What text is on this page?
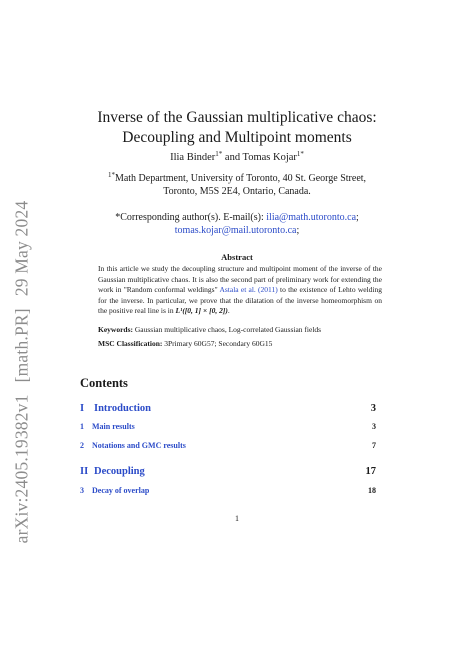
arXiv:2405.19382v1[math.PR]29 May 2024
Inverse of the Gaussian multiplicative chaos:
Decoupling and Multipoint moments
Ilia Binder$^{1*}$ and Tomas Kojar$^{1*}$
$^{1*}$Math Department, University of Toronto, 40 St. George Street,
Toronto, M5S 2E4, Ontario, Canada.
*Corresponding author(s). E-mail(s): ilia@math.utoronto.ca;
tomas.kojar@mail.utoronto.ca;
Abstract
In this article we study the decoupling structure and multipoint moment of the inverse of the Gaussian multiplicative chaos. It is also the second part of preliminary work for extending the work in "Random conformal weldings" Astala et al. (2011) to the existence of Lehto welding for the inverse. In particular, we prove that the dilatation of the inverse homeomorphism on the positive real line is in L¹([0, 1] × [0, 2]).
Keywords: Gaussian multiplicative chaos, Log-correlated Gaussian fields
MSC Classification: 3Primary 60G57; Secondary 60G15
Contents
I Introduction	3
1	Main results	3
2	Notations and GMC results	7
II Decoupling	17
3	Decay of overlap	18
1
